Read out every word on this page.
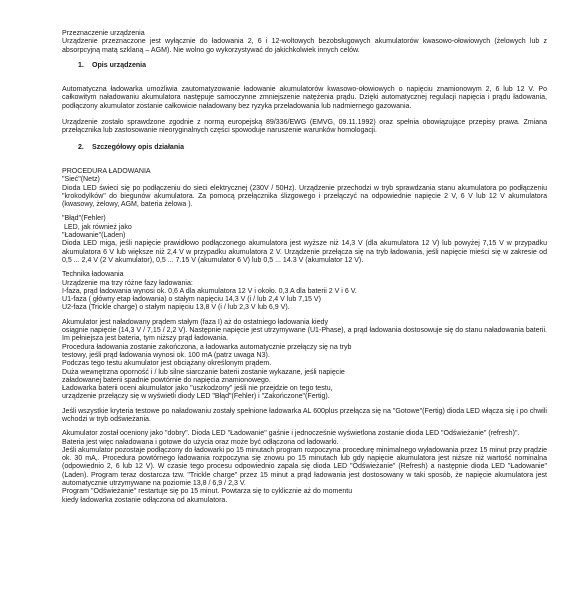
Przeznaczenie urządzenia

Urządzenie przeznaczone jest wyłącznie do ładowania 2, 6 i 12-woltowych bezobsługowych akumulatorów kwasowo-ołowiowych (żelowych lub z absorpcyjną matą szklaną – AGM). Nie wolno go wykorzystywać do jakichkolwiek innych celów.

1. Opis urządzenia

Automatyczna ładowarka umożliwia zautomatyzowanie ładowanie akumulatorów kwasowo-ołowiowych o napięciu znamionowym 2, 6 lub 12 V. Po całkowitym naładowaniu akumulatora następuje samoczynne zmniejszenie natężenia prądu. Dzięki automatycznej regulacji napięcia i prądu ładowania, podłączony akumulator zostanie całkowicie naładowany bez ryzyka przeładowania lub nadmiernego gazowania.

Urządzenie zostało sprawdzone zgodnie z normą europejską 89/336/EWG (EMVG, 09.11.1992) oraz spełnia obowiązujące przepisy prawa. Zmiana przełącznika lub zastosowanie nieoryginalnych części spowoduje naruszenie warunków homologacji.

2. Szczegółowy opis działania

PROCEDURA ŁADOWANIA

"Sieć"(Netz)

Dioda LED świeci się po podłączeniu do sieci elektrycznej (230V / 50Hz). Urządzenie przechodzi w tryb sprawdzania stanu akumulatora po podłączeniu "krokodylków" do biegunów akumulatora. Za pomocą przełącznika ślizgowego i przełączyć na odpowiednie napięcie 2 V, 6 V lub 12 V akumulatora (kwasowy, żelowy, AGM, bateria żelowa ).

"Błąd"(Fehler)

LED, jak również jako

"Ładowanie"(Laden)

Dioda LED miga, jeśli napięcie prawidłowo podłączonego akumulatora jest wyższe niż 14,3 V (dla akumulatora 12 V) lub powyżej 7,15 V w przypadku akumulatora 6 V lub większe niż 2,4 V w przypadku akumulatora 2 V. Urządzenie przełącza się na tryb ładowania, jeśli napięcie mieści się w zakresie od 0,5 ... 2,4 V (2 V akumulator), 0,5 ... 7.15 V (akumulator 6 V) lub 0,5 ... 14.3 V (akumulator 12 V).

Technika ładowania

Urządzenie ma trzy różne fazy ładowania:

I-faza, prąd ładowania wynosi ok. 0,6 A dla akumulatora 12 V i około. 0,3 A dla baterii 2 V i 6 V.

U1-faza ( główny etap ładowania) o stałym napięciu 14,3 V (i / lub 2,4 V lub 7,15 V)

U2-faza (Trickle charge) o stałym napięciu 13,8 V (i / lub 2,3 V lub 6,9 V).

Akumulator jest naładowany prądem stałym (faza I) aż do ostatniego ładowania kiedy

osiągnie napięcie (14,3 V / 7,15 / 2,2 V). Następnie napięcie jest utrzymywane (U1-Phase), a prąd ładowania dostosowuje się do stanu naładowania baterii. Im pełniejsza jest bateria, tym niższy prąd ładowania.

Procedura ładowania zostanie zakończona, a ładowarka automatycznie przełączy się na tryb

testowy, jeśli prąd ładowania wynosi ok. 100 mA (patrz uwaga N3).

Podczas tego testu akumulator jest obciążany określonym prądem.

Duża wewnętrzna oporność i / lub silne siarczanie baterii zostanie wykazane, jeśli napięcie

załadowanej baterii spadnie powtórnie do napięcia znamionowego.

Ładowarka baterii oceni akumulator jako "uszkodzony" jeśli nie przejdzie on tego testu,

urządzenie przełączy się w wyświetli diody LED "Błąd"(Fehler) i "Zakończone"(Fertig).

Jeśli wszystkie kryteria testowe po naładowaniu zostały spełnione ładowarka AL 600plus przełącza się na "Gotowe"(Fertig) dioda LED włącza się i po chwili wchodzi w tryb odświeżania.

Akumulator został oceniony jako "dobry". Dioda LED "Ładowanie" gaśnie i jednocześnie wyświetlona zostanie dioda LED "Odświeżanie" (refresh)".

Bateria jest więc naładowana i gotowe do użycia oraz może być odłączona od ładowarki.

Jeśli akumulator pozostaje podłączony do ładowarki po 15 minutach program rozpoczyna procedurę minimalnego wyładowania przez 15 minut przy prądzie ok. 30 mA,. Procedura powtórnego ładowania rozpoczyna się znowu po 15 minutach lub gdy napięcie akumulatora jest niższe niż wartość nominalna (odpowiednio 2, 6 lub 12 V). W czasie tego procesu odpowiednio zapala się dioda LED "Odświeżanie" (Refresh) a następnie dioda LED "Ładowanie" (Laden). Program teraz dostarcza tzw. "Trickle charge" przez 15 minut a prąd ładowania jest dostosowany w taki sposób, że napięcie akumulatora jest automatycznie utrzymywane na poziomie 13,8 / 6,9 / 2,3 V.

Program "Odświeżanie" restartuje się po 15 minut. Powtarza się to cyklicznie aż do momentu

kiedy ładowarka zostanie odłączona od akumulatora.
